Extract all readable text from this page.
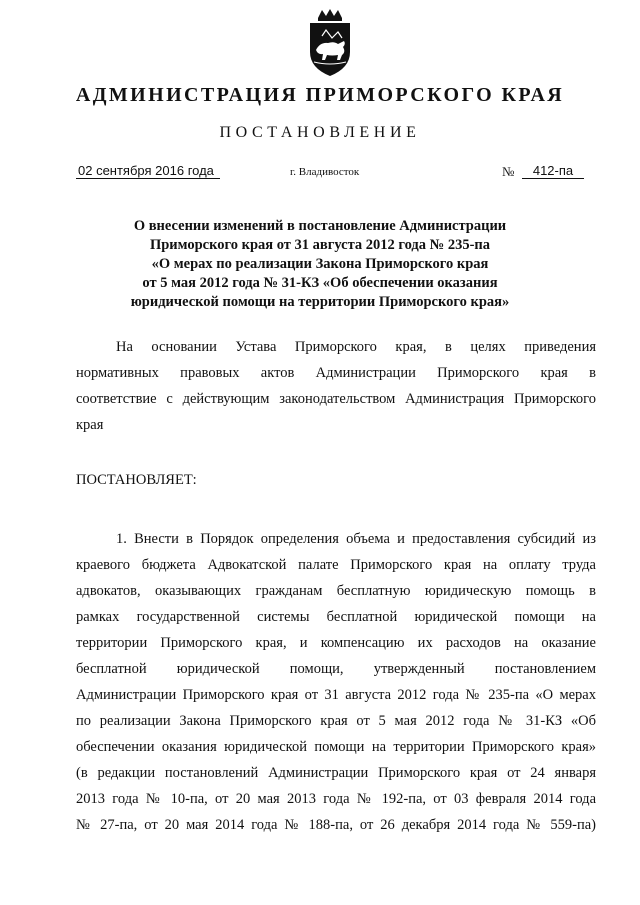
АДМИНИСТРАЦИЯ ПРИМОРСКОГО КРАЯ
ПОСТАНОВЛЕНИЕ
02 сентября 2016 года	г. Владивосток	№	412-па
О внесении изменений в постановление Администрации
Приморского края от 31 августа 2012 года № 235-па
«О мерах по реализации Закона Приморского края
от 5 мая 2012 года № 31-КЗ «Об обеспечении оказания
юридической помощи на территории Приморского края»
На основании Устава Приморского края, в целях приведения
нормативных правовых актов Администрации Приморского края в
соответствие с действующим законодательством Администрация Приморского
края
ПОСТАНОВЛЯЕТ:
1. Внести в Порядок определения объема и предоставления субсидий из
краевого бюджета Адвокатской палате Приморского края на оплату труда
адвокатов, оказывающих гражданам бесплатную юридическую помощь в
рамках государственной системы бесплатной юридической помощи на
территории Приморского края, и компенсацию их расходов на оказание
бесплатной юридической помощи, утвержденный постановлением
Администрации Приморского края от 31 августа 2012 года № 235-па «О мерах
по реализации Закона Приморского края от 5 мая 2012 года № 31-КЗ «Об
обеспечении оказания юридической помощи на территории Приморского края»
(в редакции постановлений Администрации Приморского края от 24 января
2013 года № 10-па, от 20 мая 2013 года № 192-па, от 03 февраля 2014 года
№ 27-па, от 20 мая 2014 года № 188-па, от 26 декабря 2014 года № 559-па)
